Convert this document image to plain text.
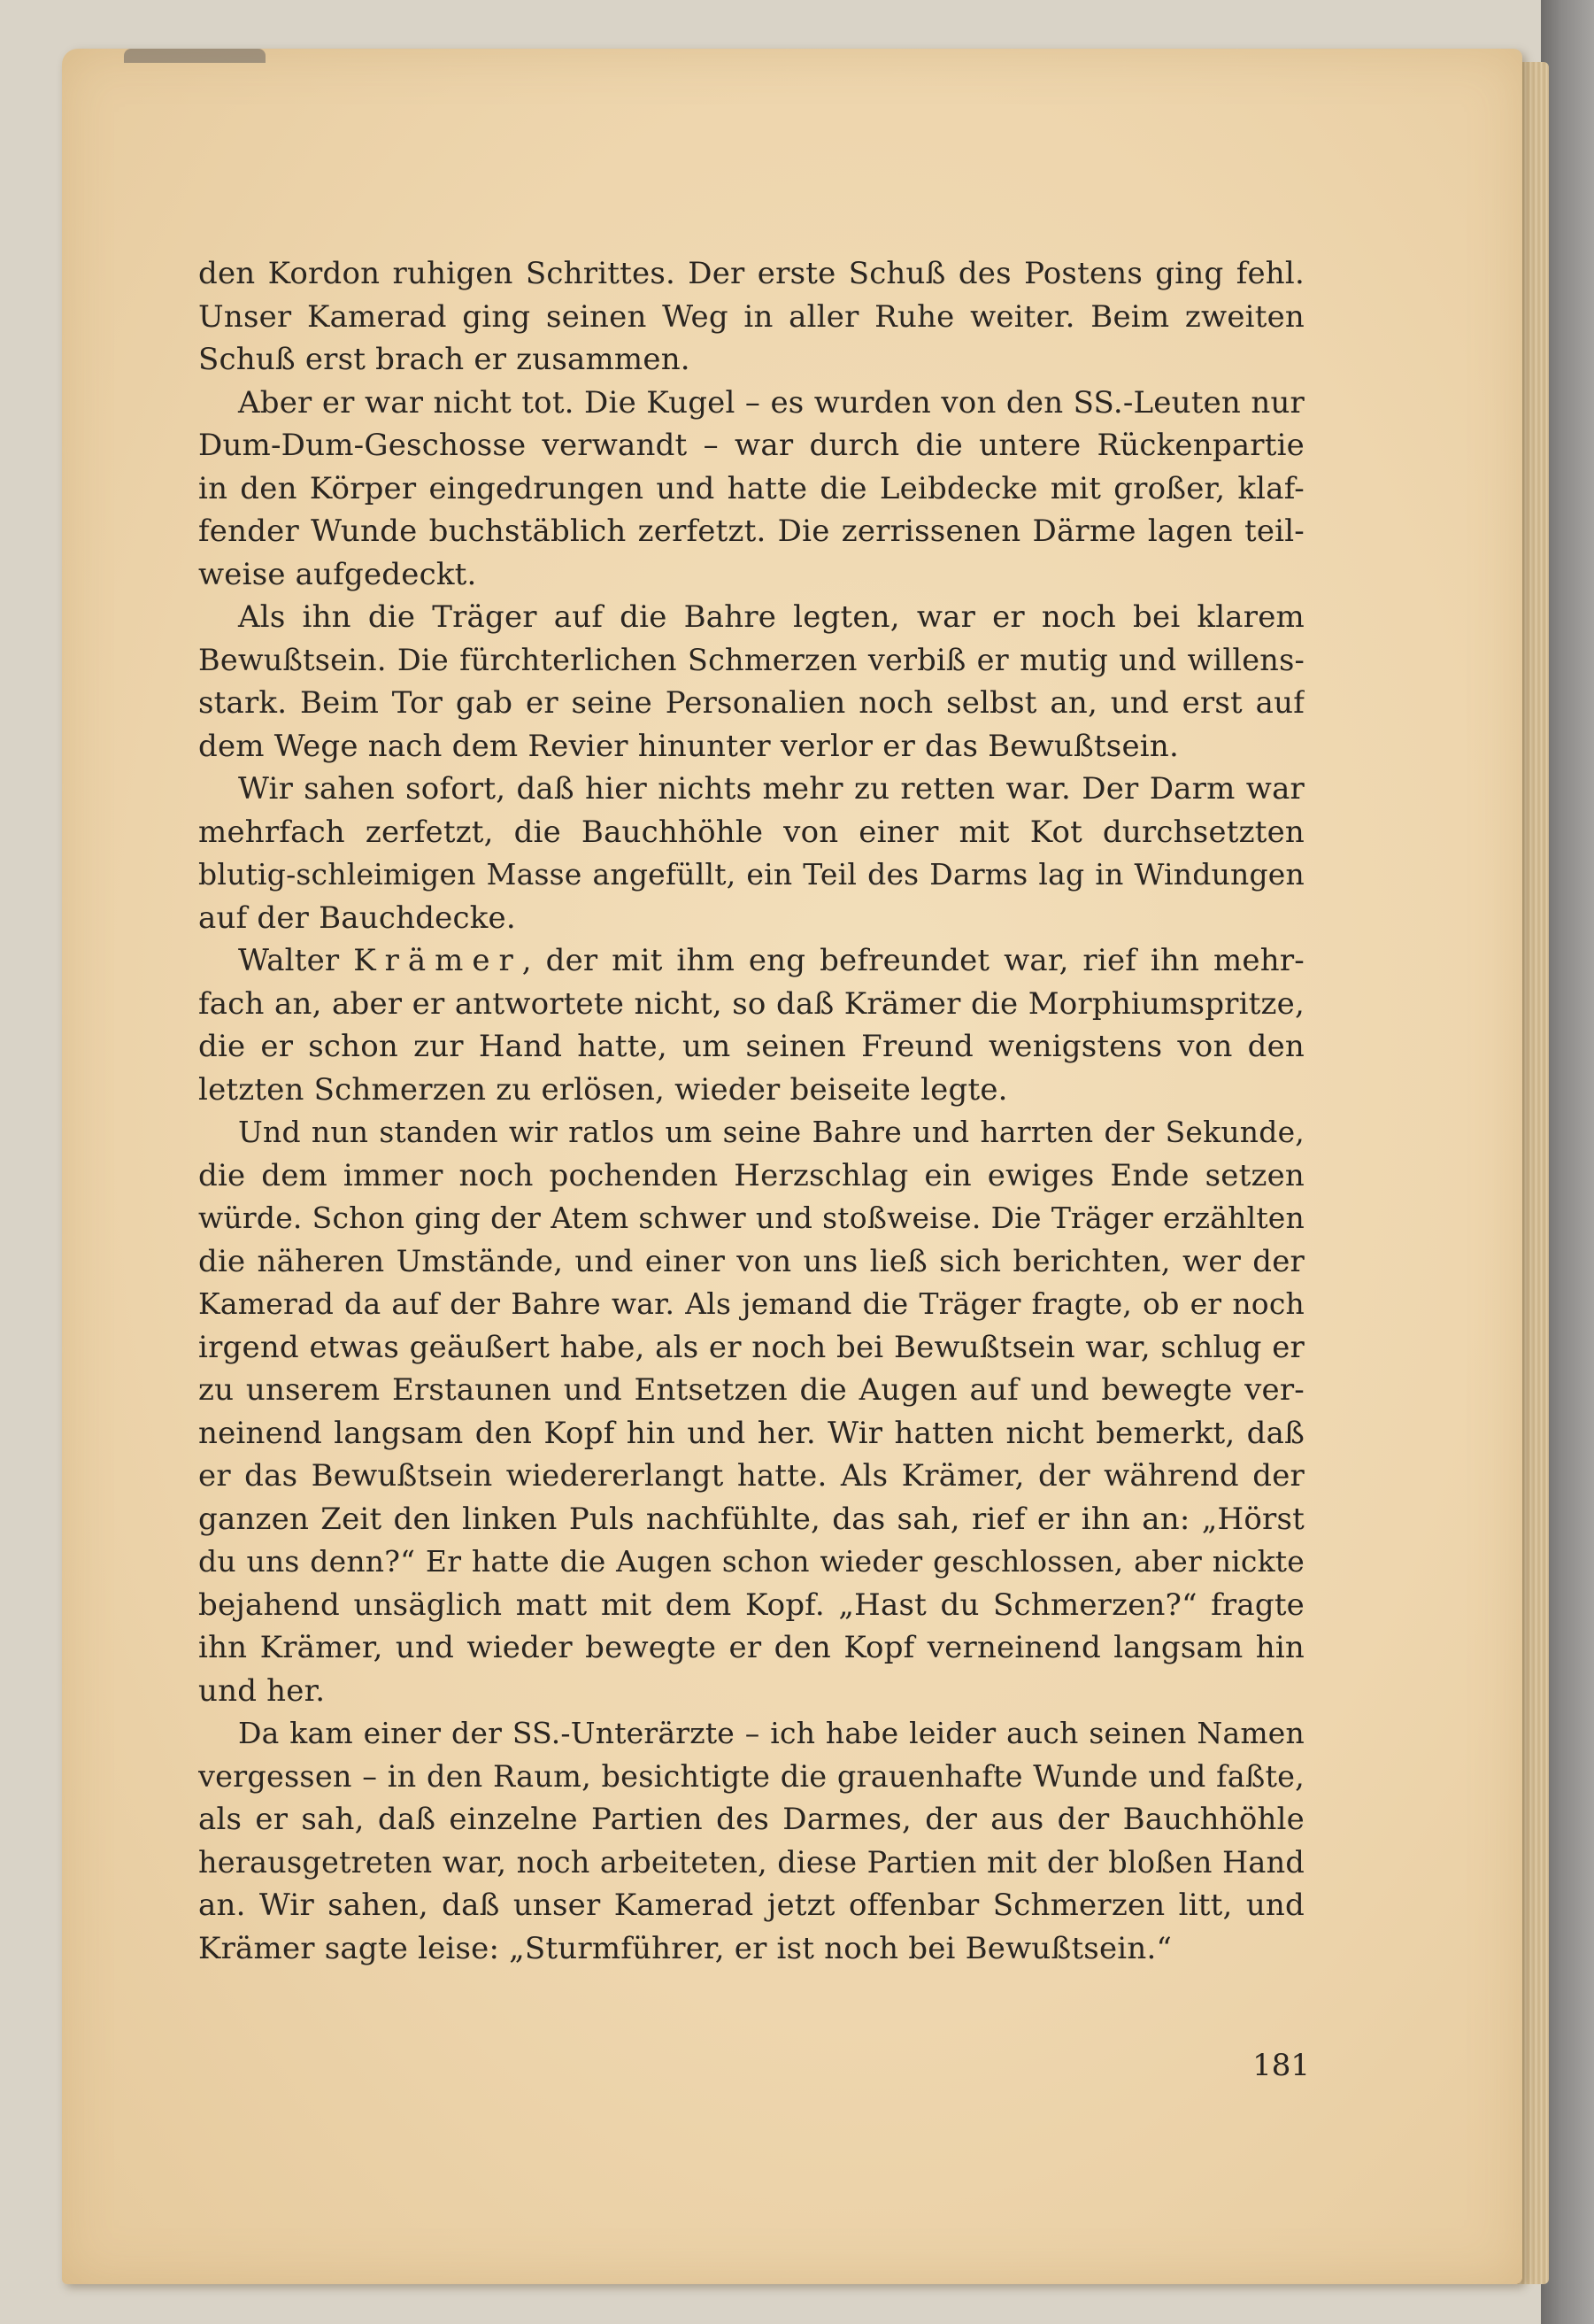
den Kordon ruhigen Schrittes. Der erste Schuß des Postens ging fehl.
Unser Kamerad ging seinen Weg in aller Ruhe weiter. Beim zweiten
Schuß erst brach er zusammen.
Aber er war nicht tot. Die Kugel – es wurden von den SS.-Leuten nur
Dum-Dum-Geschosse verwandt – war durch die untere Rückenpartie
in den Körper eingedrungen und hatte die Leibdecke mit großer, klaf-
fender Wunde buchstäblich zerfetzt. Die zerrissenen Därme lagen teil-
weise aufgedeckt.
Als ihn die Träger auf die Bahre legten, war er noch bei klarem
Bewußtsein. Die fürchterlichen Schmerzen verbiß er mutig und willens-
stark. Beim Tor gab er seine Personalien noch selbst an, und erst auf
dem Wege nach dem Revier hinunter verlor er das Bewußtsein.
Wir sahen sofort, daß hier nichts mehr zu retten war. Der Darm war
mehrfach zerfetzt, die Bauchhöhle von einer mit Kot durchsetzten
blutig-schleimigen Masse angefüllt, ein Teil des Darms lag in Windungen
auf der Bauchdecke.
Walter Krämer, der mit ihm eng befreundet war, rief ihn mehr-
fach an, aber er antwortete nicht, so daß Krämer die Morphiumspritze,
die er schon zur Hand hatte, um seinen Freund wenigstens von den
letzten Schmerzen zu erlösen, wieder beiseite legte.
Und nun standen wir ratlos um seine Bahre und harrten der Sekunde,
die dem immer noch pochenden Herzschlag ein ewiges Ende setzen
würde. Schon ging der Atem schwer und stoßweise. Die Träger erzählten
die näheren Umstände, und einer von uns ließ sich berichten, wer der
Kamerad da auf der Bahre war. Als jemand die Träger fragte, ob er noch
irgend etwas geäußert habe, als er noch bei Bewußtsein war, schlug er
zu unserem Erstaunen und Entsetzen die Augen auf und bewegte ver-
neinend langsam den Kopf hin und her. Wir hatten nicht bemerkt, daß
er das Bewußtsein wiedererlangt hatte. Als Krämer, der während der
ganzen Zeit den linken Puls nachfühlte, das sah, rief er ihn an: „Hörst
du uns denn?“ Er hatte die Augen schon wieder geschlossen, aber nickte
bejahend unsäglich matt mit dem Kopf. „Hast du Schmerzen?“ fragte
ihn Krämer, und wieder bewegte er den Kopf verneinend langsam hin
und her.
Da kam einer der SS.-Unterärzte – ich habe leider auch seinen Namen
vergessen – in den Raum, besichtigte die grauenhafte Wunde und faßte,
als er sah, daß einzelne Partien des Darmes, der aus der Bauchhöhle
herausgetreten war, noch arbeiteten, diese Partien mit der bloßen Hand
an. Wir sahen, daß unser Kamerad jetzt offenbar Schmerzen litt, und
Krämer sagte leise: „Sturmführer, er ist noch bei Bewußtsein.“
181
